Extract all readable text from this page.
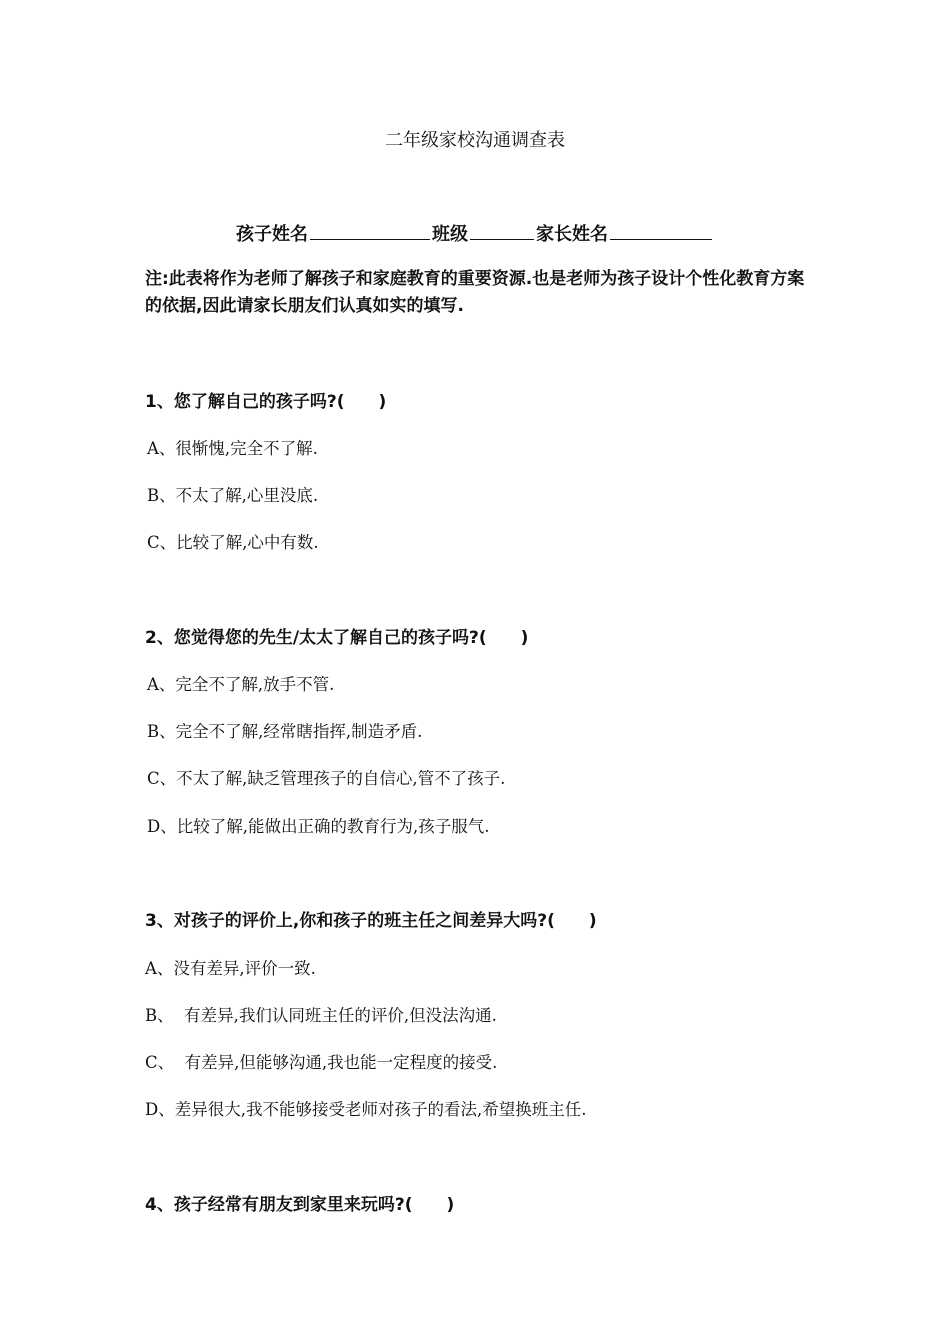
二年级家校沟通调查表
孩子姓名	班级	家长姓名
注:此表将作为老师了解孩子和家庭教育的重要资源.也是老师为孩子设计个性化教育方案的依据,因此请家长朋友们认真如实的填写.
1、您了解自己的孩子吗?(　　)
A、很惭愧,完全不了解.
B、不太了解,心里没底.
C、比较了解,心中有数.
2、您觉得您的先生/太太了解自己的孩子吗?(　　)
A、完全不了解,放手不管.
B、完全不了解,经常瞎指挥,制造矛盾.
C、不太了解,缺乏管理孩子的自信心,管不了孩子.
D、比较了解,能做出正确的教育行为,孩子服气.
3、对孩子的评价上,你和孩子的班主任之间差异大吗?(　　)
A、没有差异,评价一致.
B、  有差异,我们认同班主任的评价,但没法沟通.
C、  有差异,但能够沟通,我也能一定程度的接受.
D、差异很大,我不能够接受老师对孩子的看法,希望换班主任.
4、孩子经常有朋友到家里来玩吗?(　　)
